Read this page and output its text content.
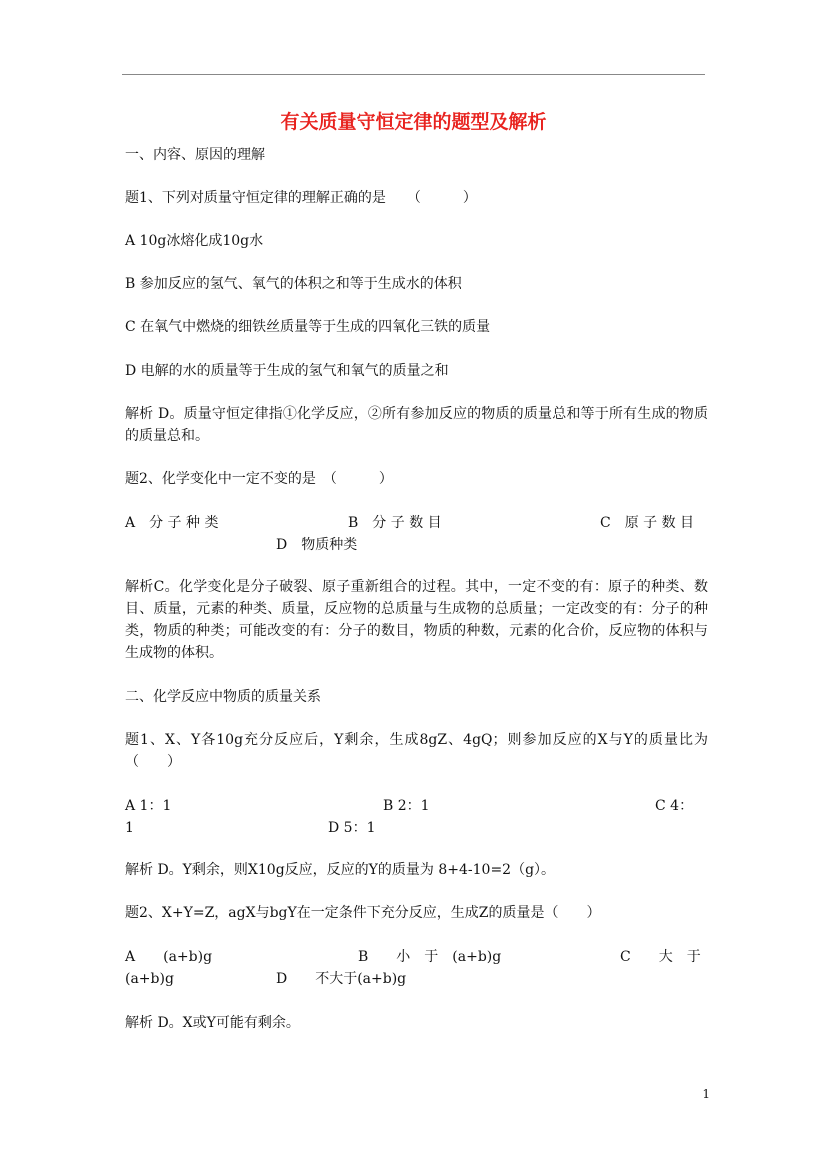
有关质量守恒定律的题型及解析
一、内容、原因的理解
题1、下列对质量守恒定律的理解正确的是　　（　　　）
A 10g冰熔化成10g水
B 参加反应的氢气、氧气的体积之和等于生成水的体积
C 在氧气中燃烧的细铁丝质量等于生成的四氧化三铁的质量
D 电解的水的质量等于生成的氢气和氧气的质量之和
解析 D。质量守恒定律指①化学反应，②所有参加反应的物质的质量总和等于所有生成的物质的质量总和。
题2、化学变化中一定不变的是　（　　　）
A　分 子 种 类	B　分 子 数 目	C　原 子 数 目
D　物质种类
解析C。化学变化是分子破裂、原子重新组合的过程。其中，一定不变的有：原子的种类、数目、质量，元素的种类、质量，反应物的总质量与生成物的总质量；一定改变的有：分子的种类，物质的种类；可能改变的有：分子的数目，物质的种数，元素的化合价，反应物的体积与生成物的体积。
二、化学反应中物质的质量关系
题1、X、Y各10g充分反应后，Y剩余，生成8gZ、4gQ；则参加反应的X与Y的质量比为（　　）
A 1：1	B 2：1	C 4：
1	D 5：1
解析 D。Y剩余，则X10g反应，反应的Y的质量为 8+4-10=2（g）。
题2、X+Y=Z，agX与bgY在一定条件下充分反应，生成Z的质量是（　　）
A　　(a+b)g	B　　小　于　(a+b)g	C　　大　于
(a+b)g	D　　不大于(a+b)g
解析 D。X或Y可能有剩余。
1
